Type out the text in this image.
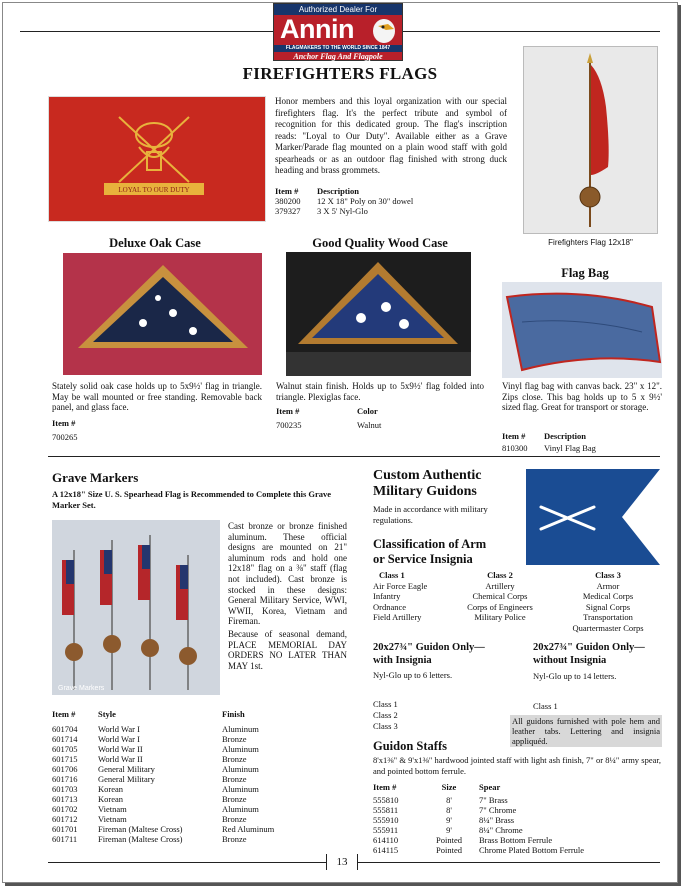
Authorized Dealer For
Annin
FLAGMAKERS TO THE WORLD SINCE 1847
Anchor Flag And Flagpole
FIREFIGHTERS FLAGS
LOYAL TO OUR DUTY
Honor members and this loyal organization with our special firefighters flag. It's the perfect tribute and symbol of recognition for this dedicated group. The flag's inscription reads: "Loyal to Our Duty". Available either as a Grave Marker/Parade flag mounted on a plain wood staff with gold spearheads or as an outdoor flag finished with strong duck heading and brass grommets.
Item #	Description
380200	12 X 18" Poly on 30" dowel
379327	3 X 5' Nyl-Glo
Firefighters Flag 12x18"
Deluxe Oak Case
Stately solid oak case holds up to 5x9½' flag in triangle. May be wall mounted or free standing. Removable back panel, and glass face.
Item #
700265
Good Quality Wood Case
Walnut stain finish. Holds up to 5x9½' flag folded into triangle. Plexiglas face.
Item #	Color
700235	Walnut
Flag Bag
Vinyl flag bag with canvas back. 23" x 12". Zips close. This bag holds up to 5 x 9½' sized flag. Great for transport or storage.
Item # Description
810300 Vinyl Flag Bag
Grave Markers
A 12x18" Size U. S. Spearhead Flag is Recommended to Complete this Grave Marker Set.
Grave Markers
Cast bronze or bronze finished aluminum. These official designs are mounted on 21" aluminum rods and hold one 12x18" flag on a ⅜" staff (flag not included). Cast bronze is stocked in these designs: General Military Service, WWI, WWII, Korea, Vietnam and Fireman.
Because of seasonal demand, PLACE MEMORIAL DAY ORDERS NO LATER THAN MAY 1st.
Item #	Style	Finish

601704	World War I	Aluminum
601714	World War I	Bronze
601705	World War II	Aluminum
601715	World War II	Bronze
601706	General Military	Aluminum
601716	General Military	Bronze
601703	Korean	Aluminum
601713	Korean	Bronze
601702	Vietnam	Aluminum
601712	Vietnam	Bronze
601701	Fireman (Maltese Cross)	Red Aluminum
601711	Fireman (Maltese Cross)	Bronze
Custom Authentic
Military Guidons
Made in accordance with military regulations.
Classification of Arm
or Service Insignia
Class 1
Air Force Eagle
Infantry
Ordnance
Field Artillery
Class 2
Artillery
Chemical Corps
Corps of Engineers
Military Police
Class 3
Armor
Medical Corps
Signal Corps
Transportation
Quartermaster Corps
20x27¾" Guidon Only—
with Insignia
Nyl-Glo up to 6 letters.
20x27¾" Guidon Only—
without Insignia
Nyl-Glo up to 14 letters.
Class 1
Class 2
Class 3
Class 1
All guidons furnished with pole hem and leather tabs. Lettering and insignia appliquéd.
Guidon Staffs
8'x1⅜" & 9'x1⅜" hardwood jointed staff with light ash finish, 7" or 8¼" army spear, and pointed bottom ferrule.
Item #	Size	Spear

555810	8'	7" Brass
555811	8'	7" Chrome
555910	9'	8¼" Brass
555911	9'	8¼" Chrome
614110	Pointed	Brass Bottom Ferrule
614115	Pointed	Chrome Plated Bottom Ferrule
13
